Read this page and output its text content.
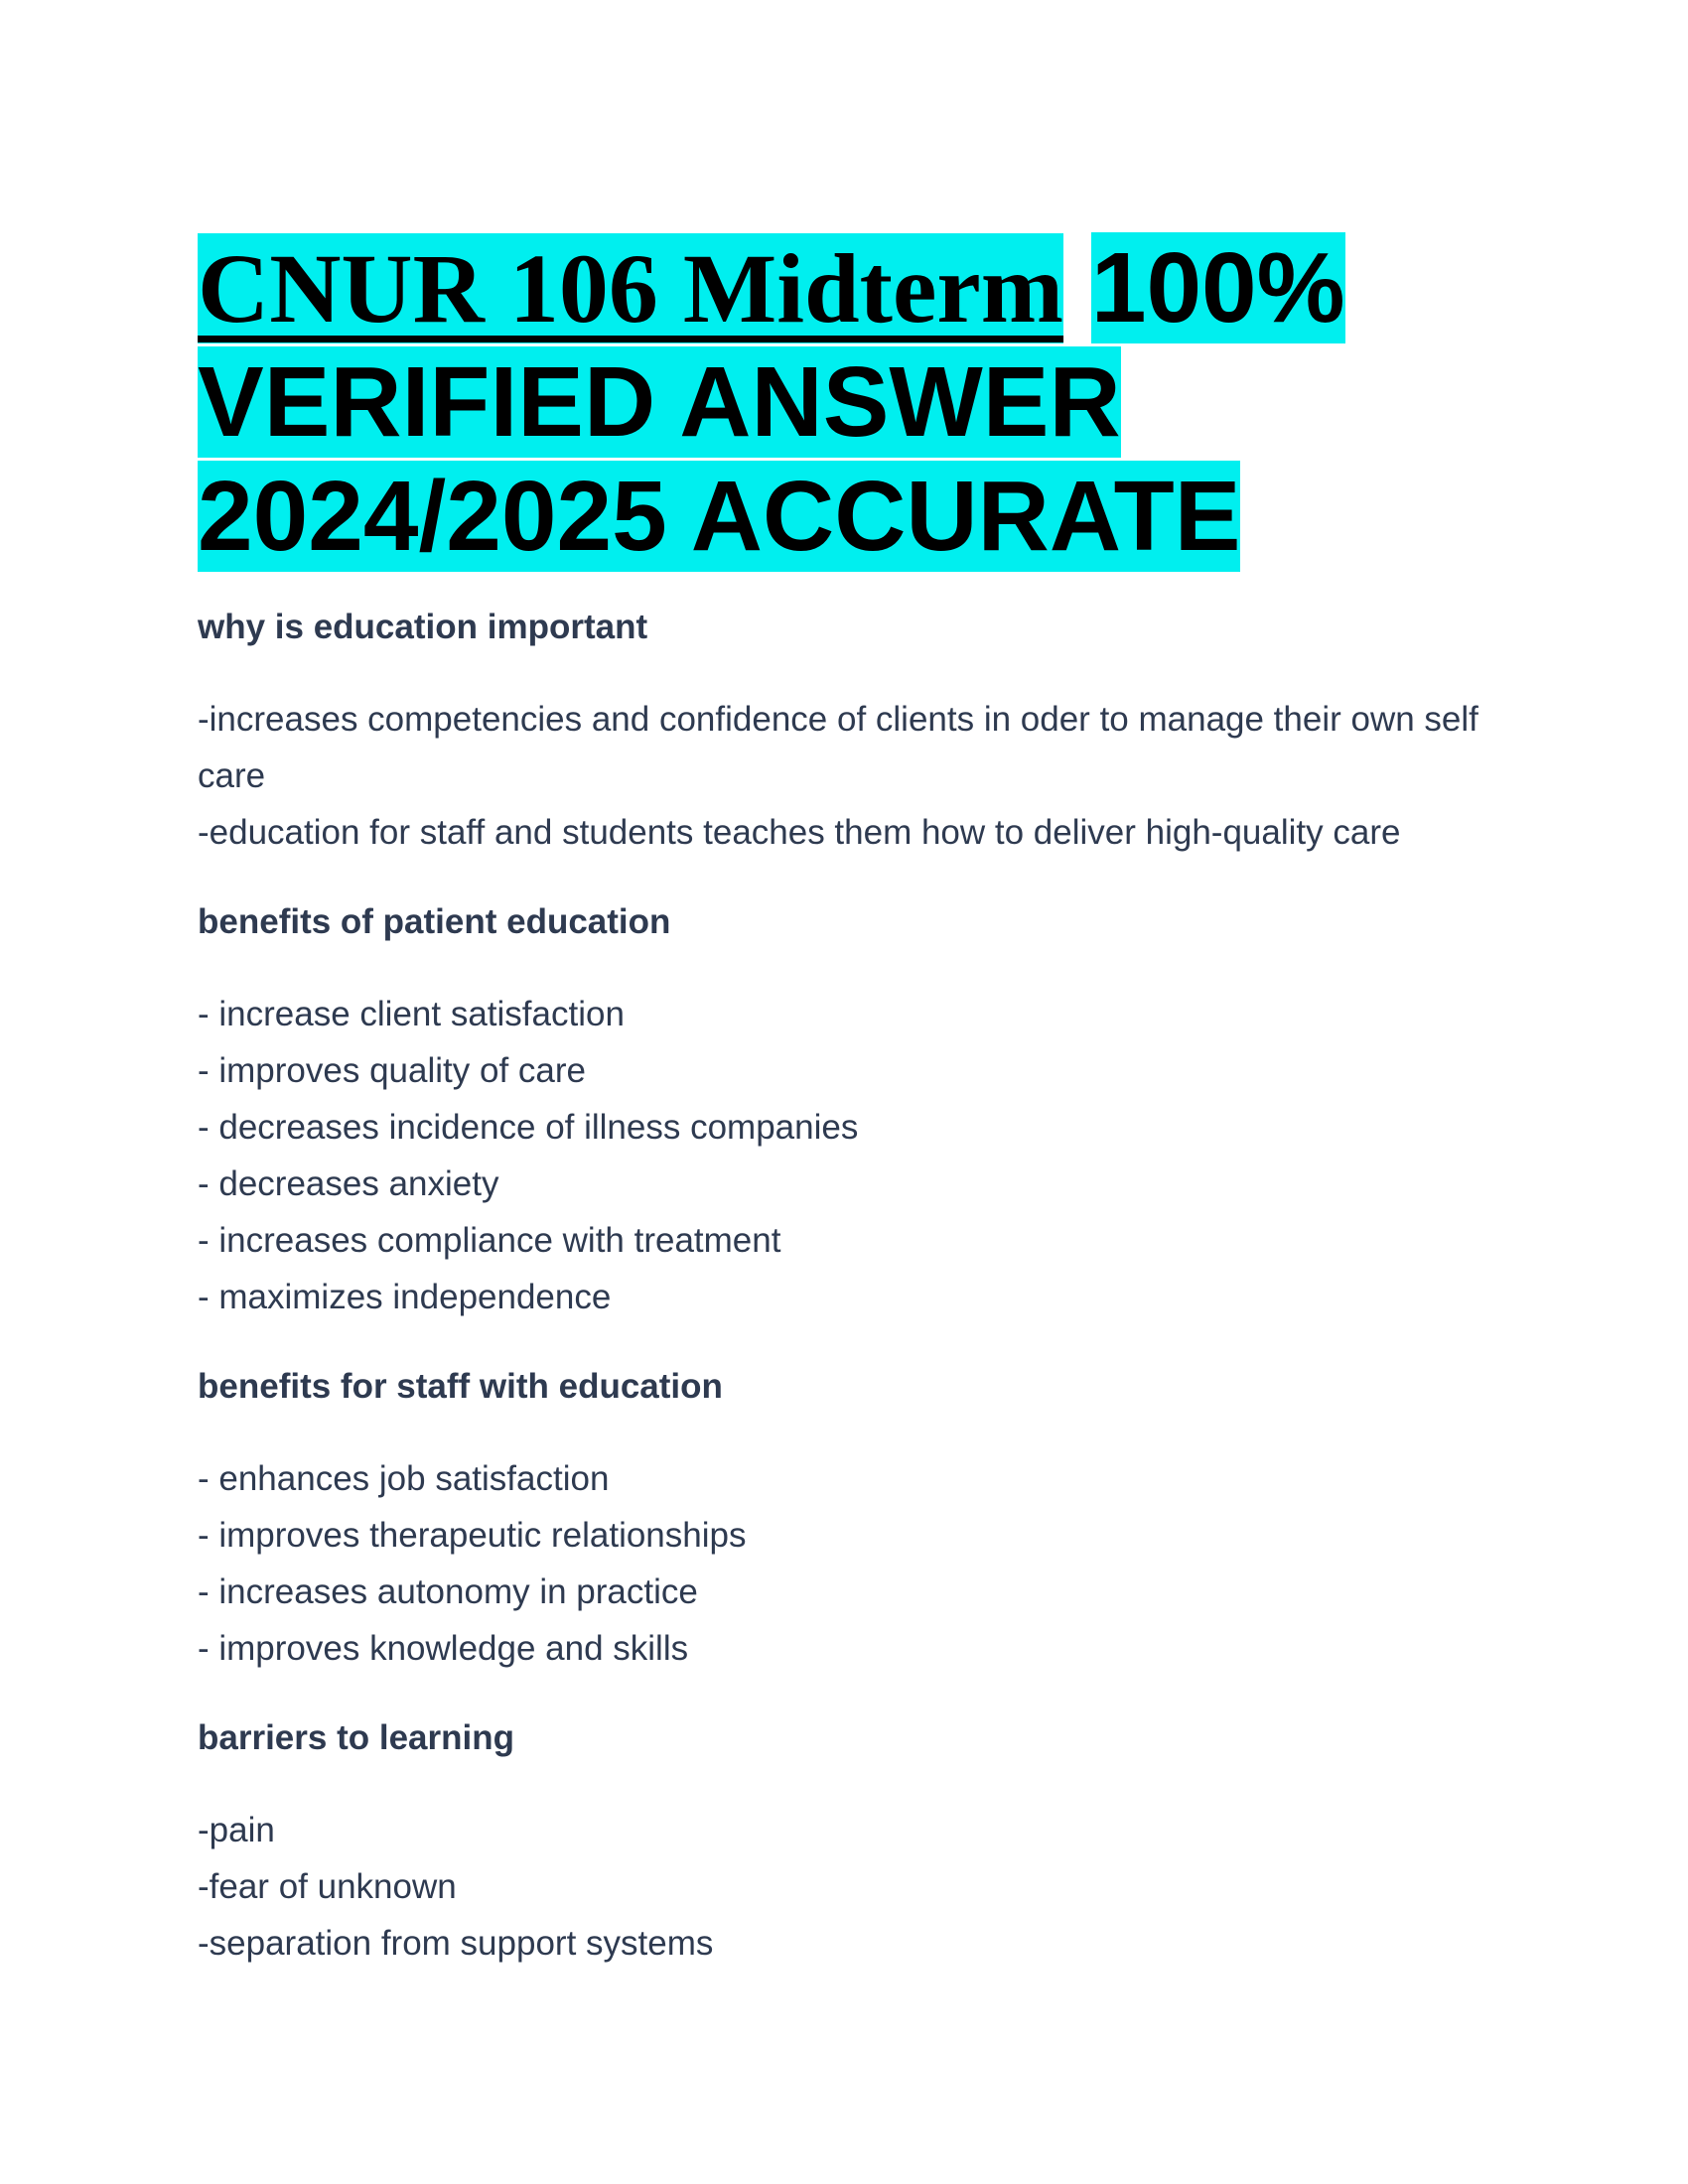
CNUR 106 Midterm 100%
VERIFIED ANSWER
2024/2025 ACCURATE
why is education important

-increases competencies and confidence of clients in oder to manage their own self care

-education for staff and students teaches them how to deliver high-quality care

benefits of patient education

- increase client satisfaction

- improves quality of care

- decreases incidence of illness companies

- decreases anxiety

- increases compliance with treatment

- maximizes independence

benefits for staff with education

- enhances job satisfaction

- improves therapeutic relationships

- increases autonomy in practice

- improves knowledge and skills

barriers to learning

-pain

-fear of unknown

-separation from support systems
